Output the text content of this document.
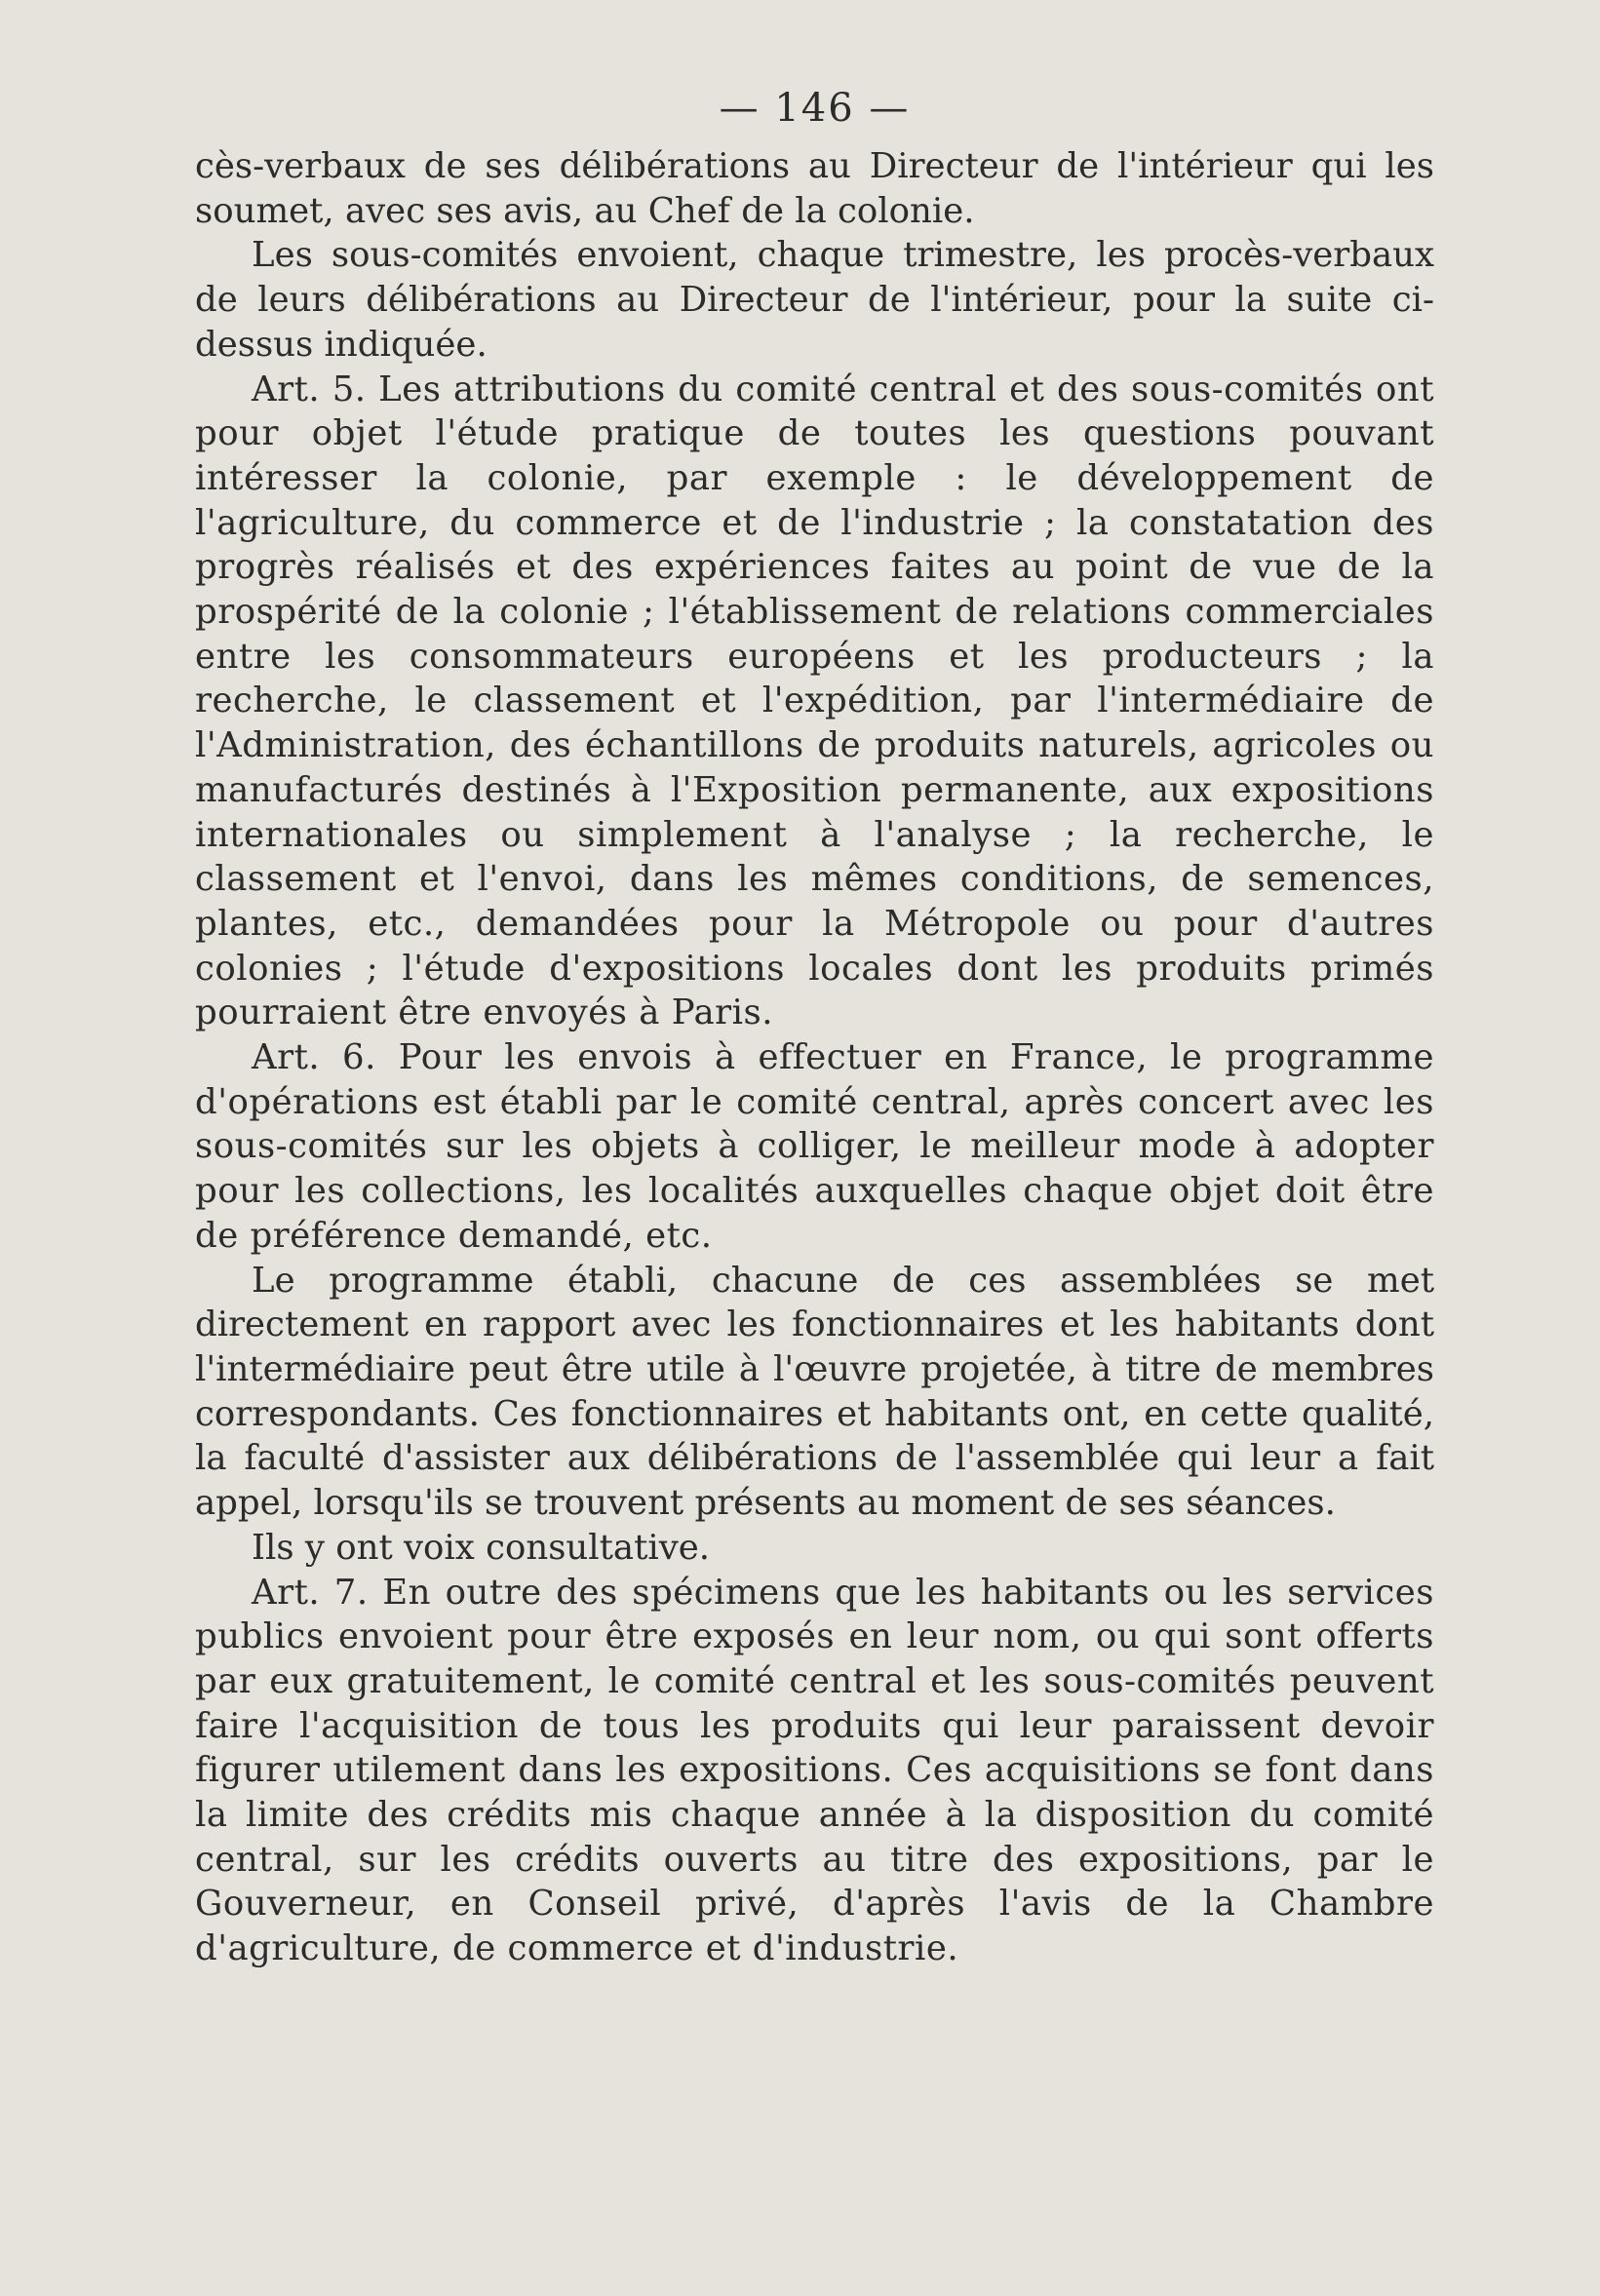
— 146 —

cès-verbaux de ses délibérations au Directeur de l'intérieur qui les soumet, avec ses avis, au Chef de la colonie.

Les sous-comités envoient, chaque trimestre, les procès-verbaux de leurs délibérations au Directeur de l'intérieur, pour la suite ci-dessus indiquée.

Art. 5. Les attributions du comité central et des sous-comités ont pour objet l'étude pratique de toutes les questions pouvant intéresser la colonie, par exemple : le développement de l'agriculture, du commerce et de l'industrie ; la constatation des progrès réalisés et des expériences faites au point de vue de la prospérité de la colonie ; l'établissement de relations commerciales entre les consommateurs européens et les producteurs ; la recherche, le classement et l'expédition, par l'intermédiaire de l'Administration, des échantillons de produits naturels, agricoles ou manufacturés destinés à l'Exposition permanente, aux expositions internationales ou simplement à l'analyse ; la recherche, le classement et l'envoi, dans les mêmes conditions, de semences, plantes, etc., demandées pour la Métropole ou pour d'autres colonies ; l'étude d'expositions locales dont les produits primés pourraient être envoyés à Paris.

Art. 6. Pour les envois à effectuer en France, le programme d'opérations est établi par le comité central, après concert avec les sous-comités sur les objets à colliger, le meilleur mode à adopter pour les collections, les localités auxquelles chaque objet doit être de préférence demandé, etc.

Le programme établi, chacune de ces assemblées se met directement en rapport avec les fonctionnaires et les habitants dont l'intermédiaire peut être utile à l'œuvre projetée, à titre de membres correspondants. Ces fonctionnaires et habitants ont, en cette qualité, la faculté d'assister aux délibérations de l'assemblée qui leur a fait appel, lorsqu'ils se trouvent présents au moment de ses séances.

Ils y ont voix consultative.

Art. 7. En outre des spécimens que les habitants ou les services publics envoient pour être exposés en leur nom, ou qui sont offerts par eux gratuitement, le comité central et les sous-comités peuvent faire l'acquisition de tous les produits qui leur paraissent devoir figurer utilement dans les expositions. Ces acquisitions se font dans la limite des crédits mis chaque année à la disposition du comité central, sur les crédits ouverts au titre des expositions, par le Gouverneur, en Conseil privé, d'après l'avis de la Chambre d'agriculture, de commerce et d'industrie.
